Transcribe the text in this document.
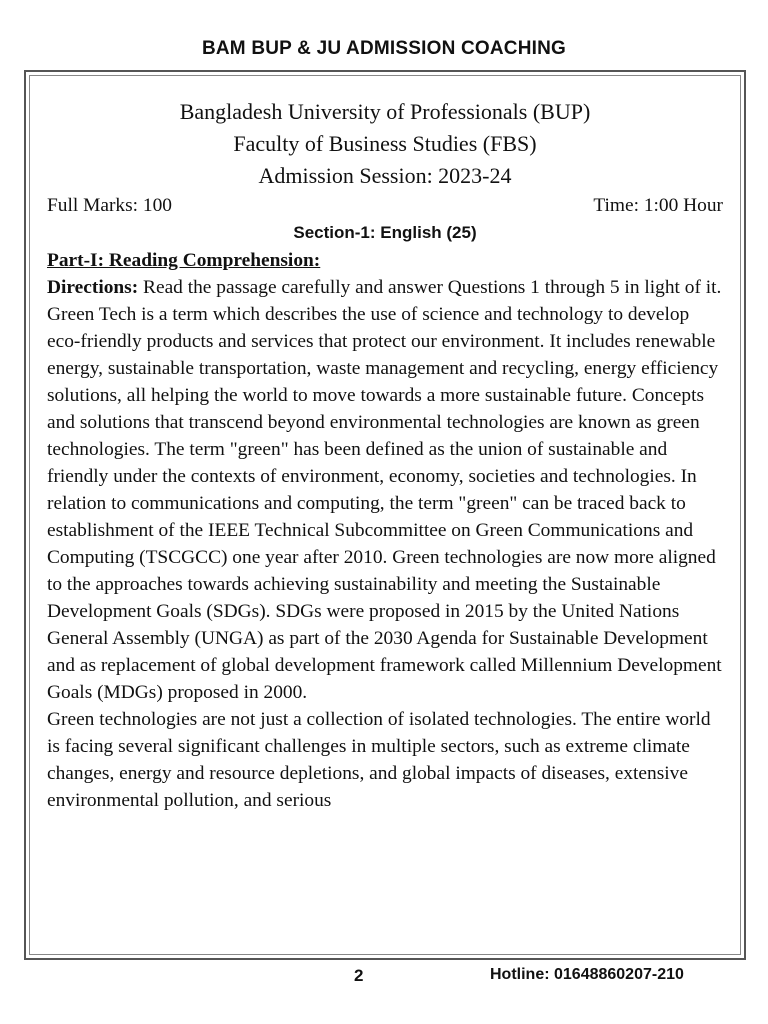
BAM BUP & JU ADMISSION COACHING
Bangladesh University of Professionals (BUP)
Faculty of Business Studies (FBS)
Admission Session: 2023-24
Full Marks: 100	Time: 1:00 Hour
Section-1: English (25)
Part-I: Reading Comprehension:

Directions: Read the passage carefully and answer Questions 1 through 5 in light of it.

Green Tech is a term which describes the use of science and technology to develop eco-friendly products and services that protect our environment. It includes renewable energy, sustainable transportation, waste management and recycling, energy efficiency solutions, all helping the world to move towards a more sustainable future. Concepts and solutions that transcend beyond environmental technologies are known as green technologies. The term "green" has been defined as the union of sustainable and friendly under the contexts of environment, economy, societies and technologies. In relation to communications and computing, the term "green" can be traced back to establishment of the IEEE Technical Subcommittee on Green Communications and Computing (TSCGCC) one year after 2010. Green technologies are now more aligned to the approaches towards achieving sustainability and meeting the Sustainable Development Goals (SDGs). SDGs were proposed in 2015 by the United Nations General Assembly (UNGA) as part of the 2030 Agenda for Sustainable Development and as replacement of global development framework called Millennium Development Goals (MDGs) proposed in 2000.

Green technologies are not just a collection of isolated technologies. The entire world is facing several significant challenges in multiple sectors, such as extreme climate changes, energy and resource depletions, and global impacts of diseases, extensive environmental pollution, and serious

2	Hotline: 01648860207-210
